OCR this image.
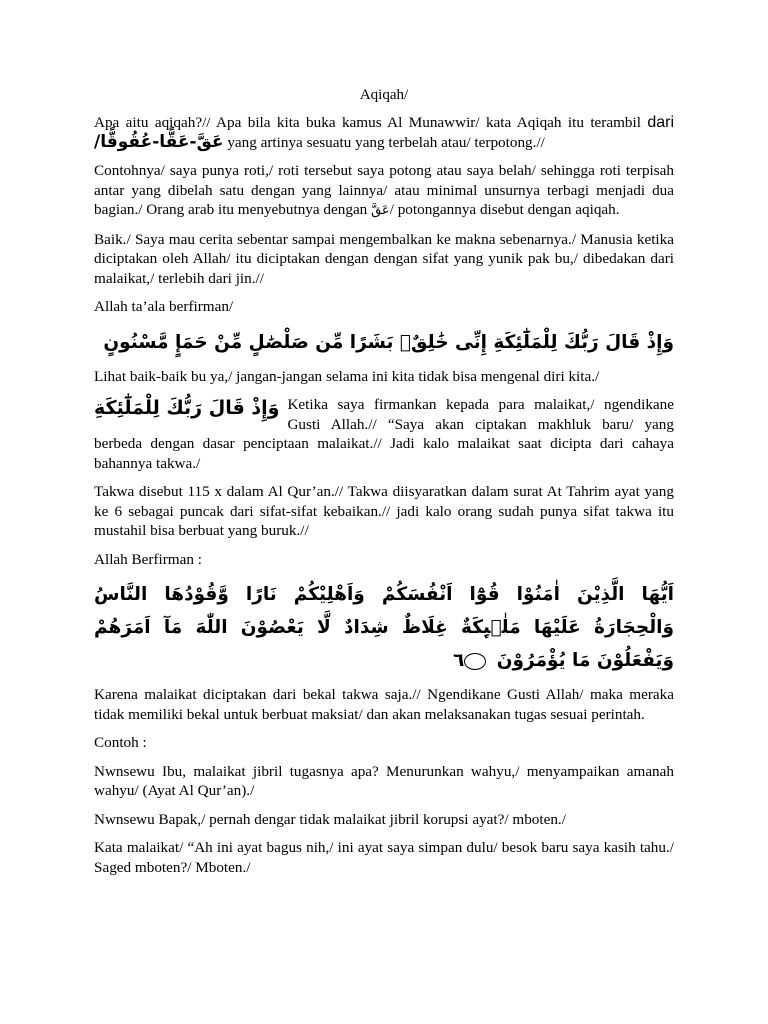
Aqiqah/

Apa aitu aqiqah?// Apa bila kita buka kamus Al Munawwir/ kata Aqiqah itu terambil dari عَقَّ-عَقًّا-عُقُوقًّا/ yang artinya sesuatu yang terbelah atau/ terpotong.//

Contohnya/ saya punya roti,/ roti tersebut saya potong atau saya belah/ sehingga roti terpisah antar yang dibelah satu dengan yang lainnya/ atau minimal unsurnya terbagi menjadi dua bagian./ Orang arab itu menyebutnya dengan عَقَّ/ potongannya disebut dengan aqiqah.

Baik./ Saya mau cerita sebentar sampai mengembalkan ke makna sebenarnya./ Manusia ketika diciptakan oleh Allah/ itu diciptakan dengan dengan sifat yang yunik pak bu,/ dibedakan dari malaikat,/ terlebih dari jin.//

Allah ta’ala berfirman/

وَإِذْ قَالَ رَبُّكَ لِلْمَلَٰٓئِكَةِ إِنِّى خَٰلِقٌۢ بَشَرًا مِّن صَلْصَٰلٍ مِّنْ حَمَإٍ مَّسْنُونٍ

Lihat baik-baik bu ya,/ jangan-jangan selama ini kita tidak bisa mengenal diri kita./

وَإِذْ قَالَ رَبُّكَ لِلْمَلَٰٓئِكَةِ Ketika saya firmankan kepada para malaikat,/ ngendikane Gusti Allah.// “Saya akan ciptakan makhluk baru/ yang berbeda dengan dasar penciptaan malaikat.// Jadi kalo malaikat saat dicipta dari cahaya bahannya takwa./

Takwa disebut 115 x dalam Al Qur’an.// Takwa diisyaratkan dalam surat At Tahrim ayat yang ke 6 sebagai puncak dari sifat-sifat kebaikan.// jadi kalo orang sudah punya sifat takwa itu mustahil bisa berbuat yang buruk.//

Allah Berfirman :

اَيُّهَا الَّذِيْنَ اٰمَنُوْا قُوْٓا اَنْفُسَكُمْ وَاَهْلِيْكُمْ نَارًا وَّقُوْدُهَا النَّاسُ وَالْحِجَارَةُ عَلَيْهَا مَلٰۤىِٕكَةٌ غِلَاظٌ شِدَادٌ لَّا يَعْصُوْنَ اللّٰهَ مَآ اَمَرَهُمْ وَيَفْعَلُوْنَ مَا يُؤْمَرُوْنَ ٦

Karena malaikat diciptakan dari bekal takwa saja.// Ngendikane Gusti Allah/ maka meraka tidak memiliki bekal untuk berbuat maksiat/ dan akan melaksanakan tugas sesuai perintah.

Contoh :

Nwnsewu Ibu, malaikat jibril tugasnya apa? Menurunkan wahyu,/ menyampaikan amanah wahyu/ (Ayat Al Qur’an)./

Nwnsewu Bapak,/ pernah dengar tidak malaikat jibril korupsi ayat?/ mboten./

Kata malaikat/ “Ah ini ayat bagus nih,/ ini ayat saya simpan dulu/ besok baru saya kasih tahu./ Saged mboten?/ Mboten./
